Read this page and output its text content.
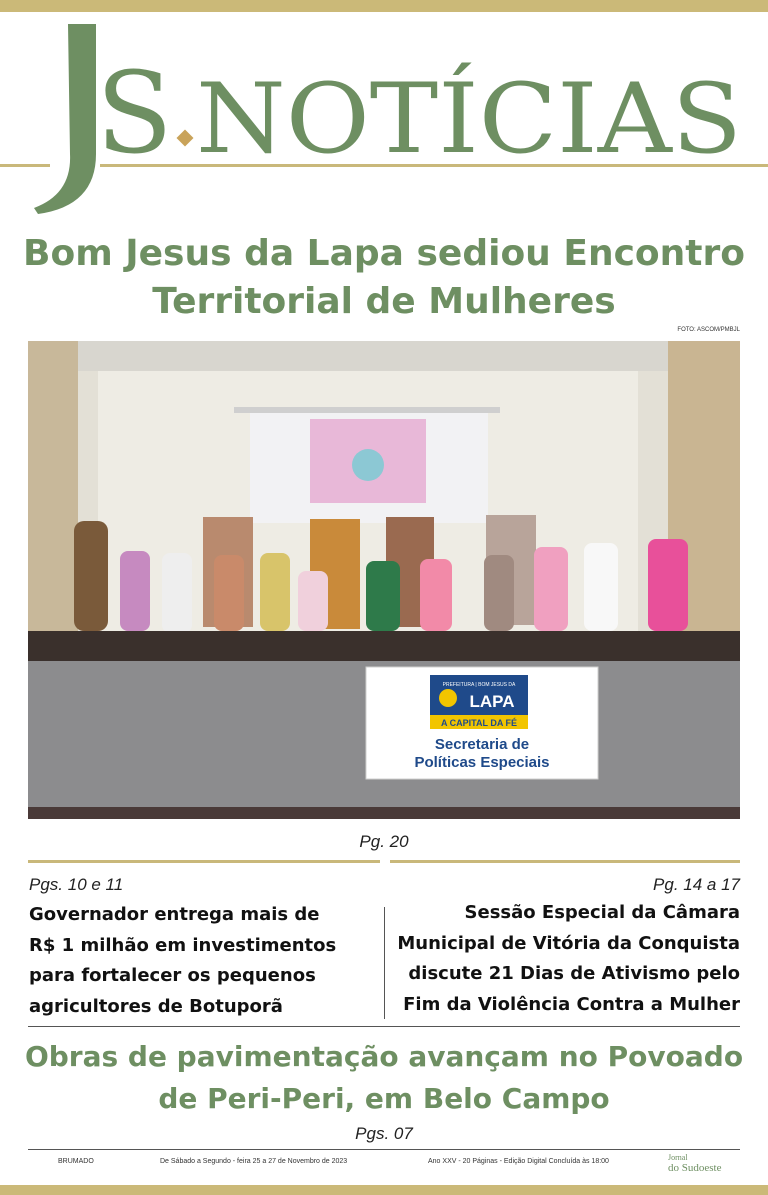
S NOTÍCIAS
Bom Jesus da Lapa sediou Encontro
Territorial de Mulheres
FOTO: ASCOM/PMBJL
PREFEITURA | BOM JESUS DA
LAPA
A CAPITAL DA FÉ
Secretaria de
Políticas Especiais
Pg. 20
Pgs. 10 e 11
Governador entrega mais de
R$ 1 milhão em investimentos
para fortalecer os pequenos
agricultores de Botuporã
Pg. 14 a 17
Sessão Especial da Câmara
Municipal de Vitória da Conquista
discute 21 Dias de Ativismo pelo
Fim da Violência Contra a Mulher
Obras de pavimentação avançam no Povoado
de Peri-Peri, em Belo Campo
Pgs. 07
BRUMADO	De Sábado a Segundo - feira 25 a 27 de Novembro de 2023	Ano XXV - 20 Páginas - Edição Digital Concluída às 18:00	Jornal
do Sudoeste
